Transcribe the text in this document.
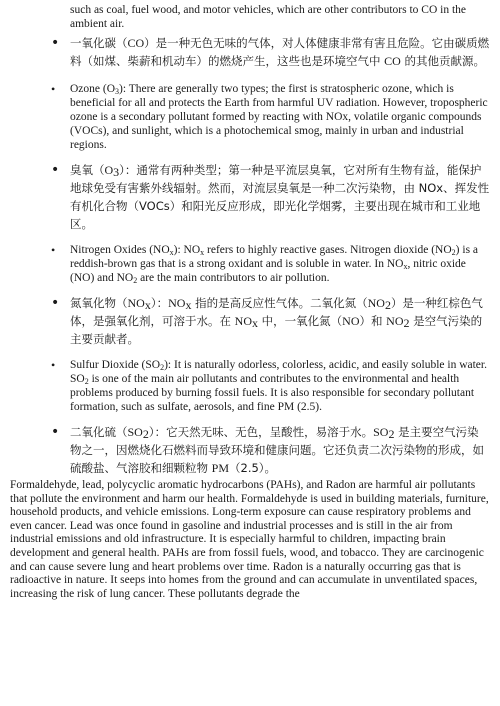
such as coal, fuel wood, and motor vehicles, which are other contributors to CO in the ambient air.

• 一氧化碳（CO）是一种无色无味的气体，对人体健康非常有害且危险。它由碳质燃料（如煤、柴薪和机动车）的燃烧产生，这些也是环境空气中 CO 的其他贡献源。
• Ozone $(O_3)$: There are generally two types; the first is stratospheric ozone, which is beneficial for all and protects the Earth from harmful UV radiation. However, tropospheric ozone is a secondary pollutant formed by reacting with NOx, volatile organic compounds (VOCs), and sunlight, which is a photochemical smog, mainly in urban and industrial regions.
• 臭氧$(O_3)$：通常有两种类型；第一种是平流层臭氧，它对所有生物有益，能保护地球免受有害紫外线辐射。然而，对流层臭氧是一种二次污染物，由 NOx、挥发性有机化合物（VOCs）和阳光反应形成，即光化学烟雾，主要出现在城市和工业地区。
• Nitrogen Oxides $(NO_x)$: $NO_x$ refers to highly reactive gases. Nitrogen dioxide $(NO_2)$ is a reddish-brown gas that is a strong oxidant and is soluble in water. In $NO_x$, nitric oxide (NO) and $NO_2$ are the main contributors to air pollution.
• 氮氧化物$(NO_x)$：$NO_x$ 指的是高反应性气体。二氧化氮$(NO_2)$是一种红棕色气体，是强氧化剂，可溶于水。在 $NO_x$ 中，一氧化氮（NO）和 $NO_2$ 是空气污染的主要贡献者。
• Sulfur Dioxide $(SO_2)$: It is naturally odorless, colorless, acidic, and easily soluble in water. $SO_2$ is one of the main air pollutants and contributes to the environmental and health problems produced by burning fossil fuels. It is also responsible for secondary pollutant formation, such as sulfate, aerosols, and fine PM (2.5).
• 二氧化硫$(SO_2)$：它天然无味、无色，呈酸性，易溶于水。$SO_2$ 是主要空气污染物之一，因燃烧化石燃料而导致环境和健康问题。它还负责二次污染物的形成，如硫酸盐、气溶胶和细颗粒物 PM（2.5）。

Formaldehyde, lead, polycyclic aromatic hydrocarbons (PAHs), and Radon are harmful air pollutants that pollute the environment and harm our health. Formaldehyde is used in building materials, furniture, household products, and vehicle emissions. Long-term exposure can cause respiratory problems and even cancer. Lead was once found in gasoline and industrial processes and is still in the air from industrial emissions and old infrastructure. It is especially harmful to children, impacting brain development and general health. PAHs are from fossil fuels, wood, and tobacco. They are carcinogenic and can cause severe lung and heart problems over time. Radon is a naturally occurring gas that is radioactive in nature. It seeps into homes from the ground and can accumulate in unventilated spaces, increasing the risk of lung cancer. These pollutants degrade the
